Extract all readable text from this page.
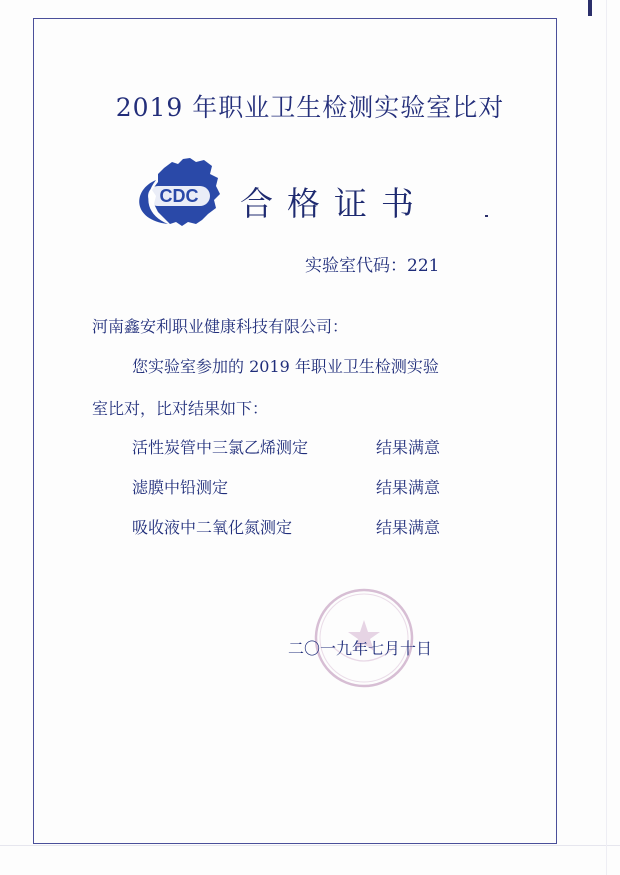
2019 年职业卫生检测实验室比对
CDC 合格证书
实验室代码：221
河南鑫安利职业健康科技有限公司：
您实验室参加的 2019 年职业卫生检测实验
室比对，比对结果如下：
活性炭管中三氯乙烯测定	结果满意
滤膜中铅测定	结果满意
吸收液中二氧化氮测定	结果满意
二〇一九年七月十日
